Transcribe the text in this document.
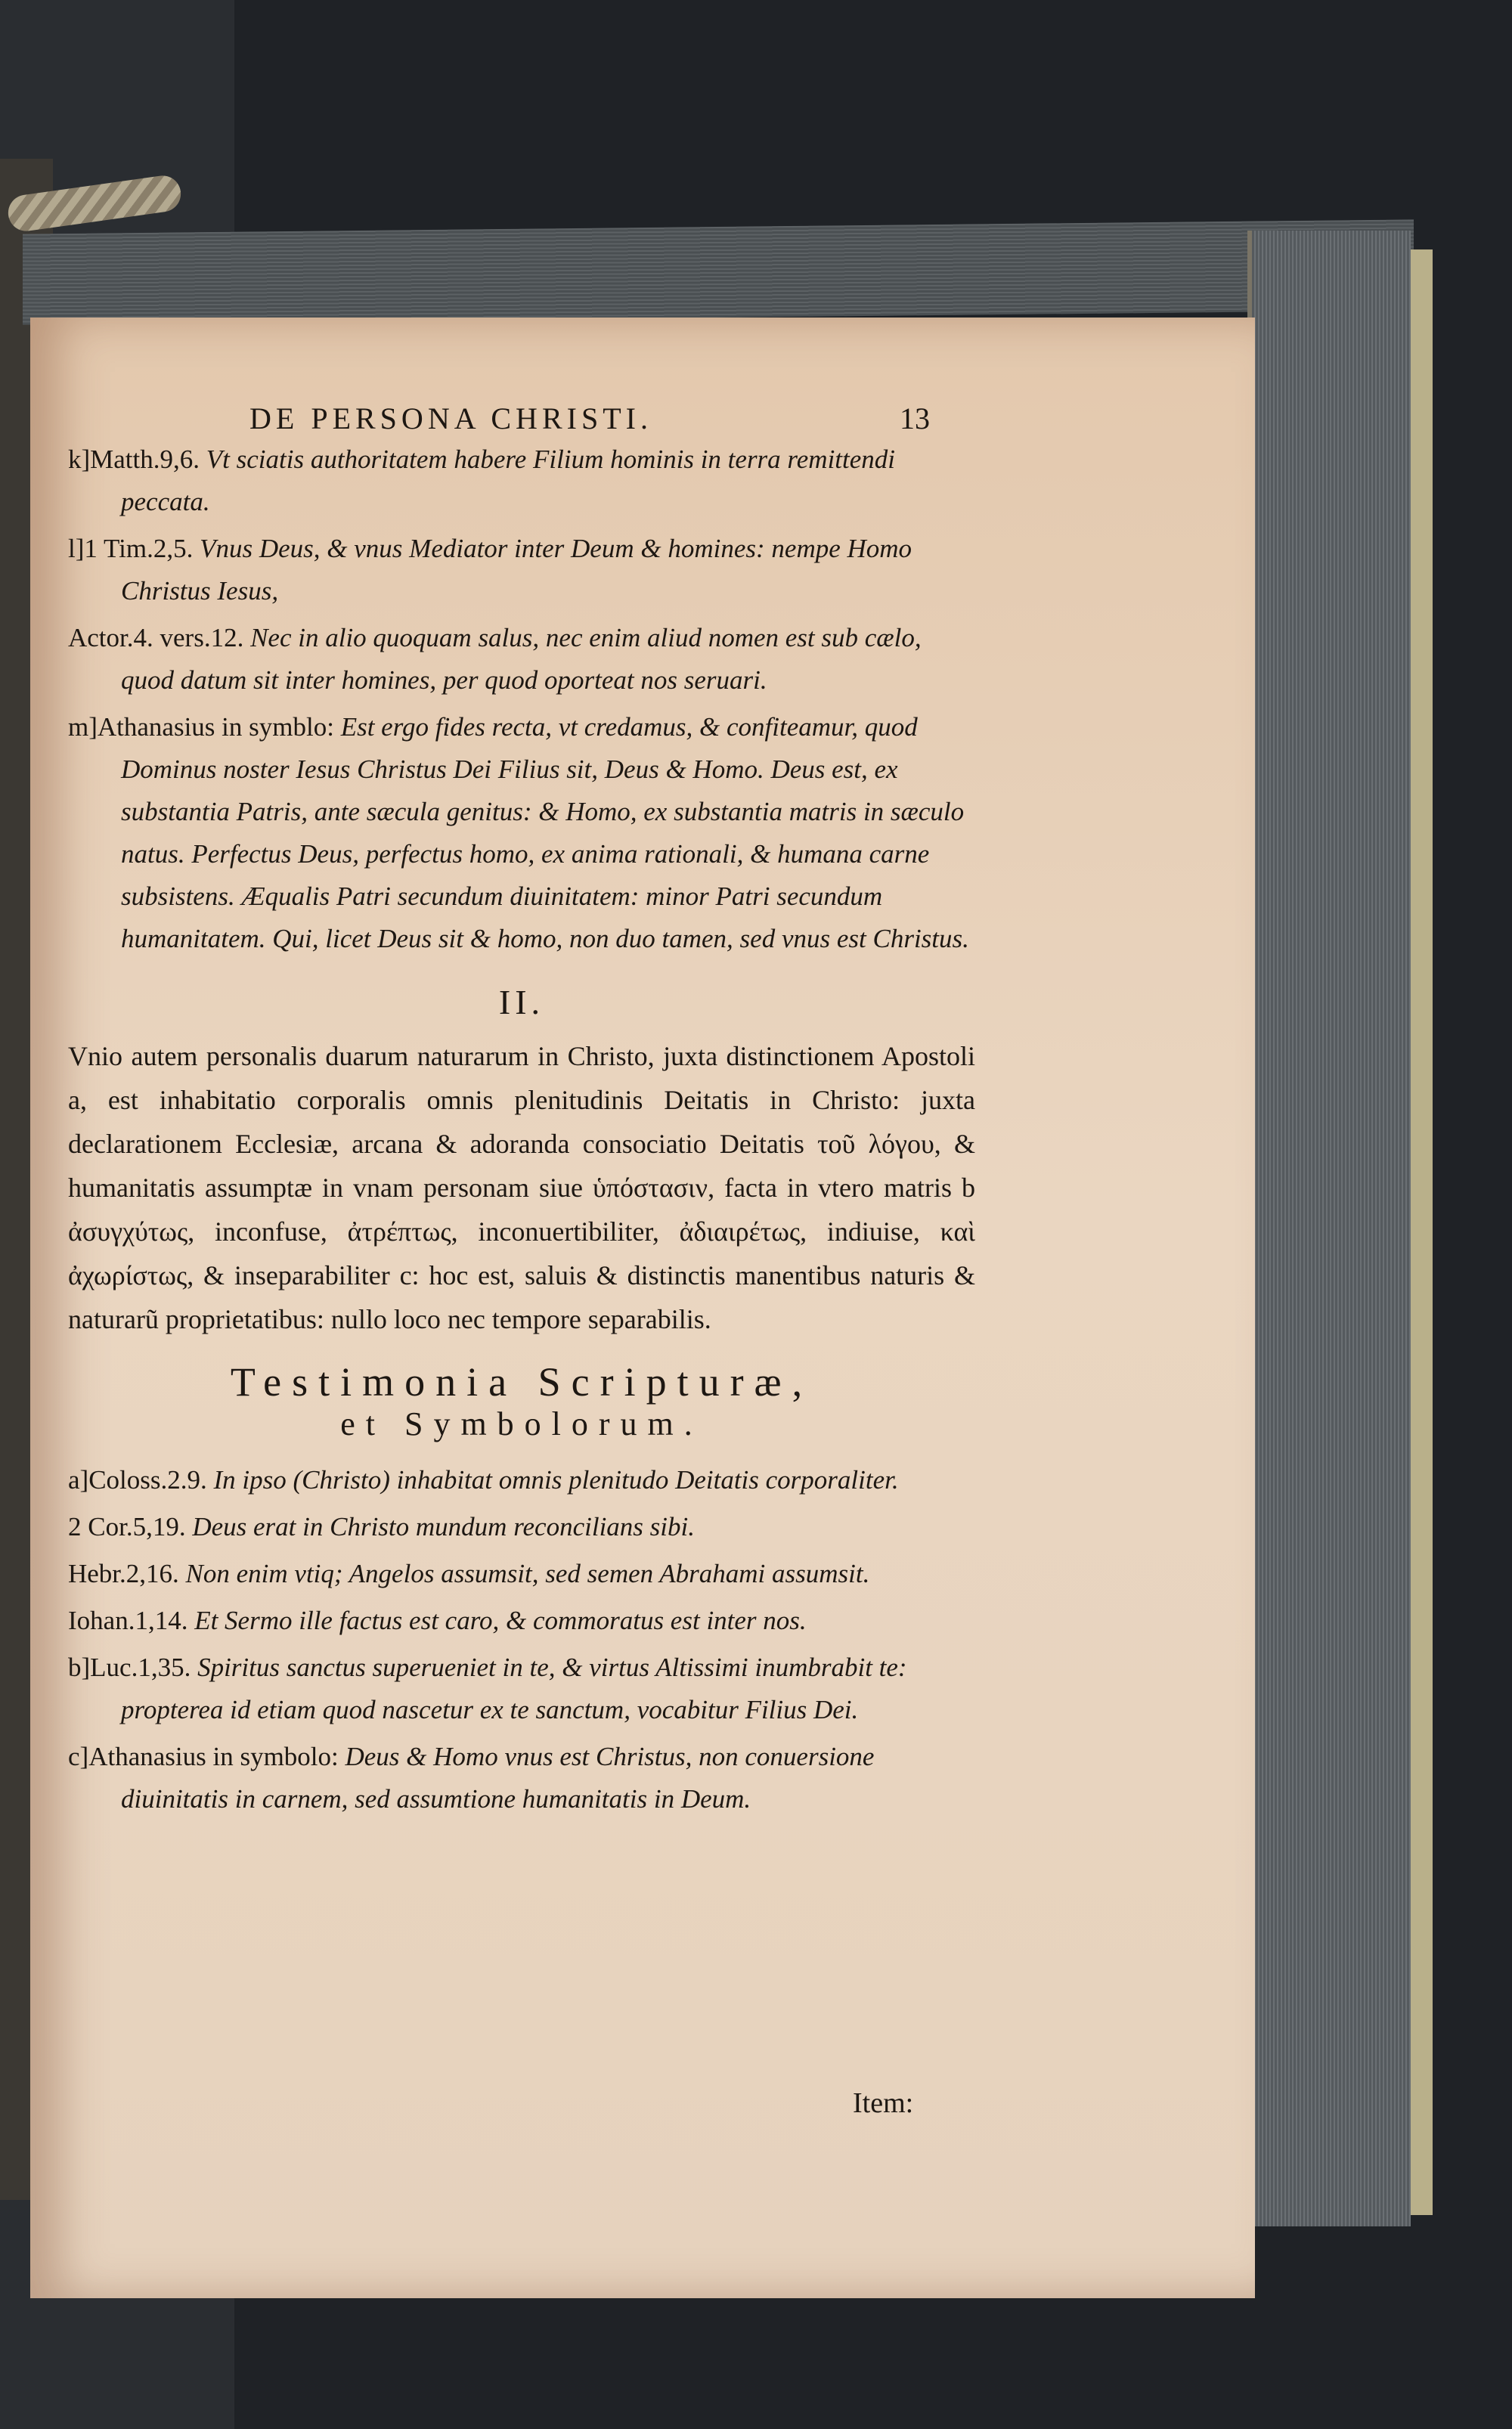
DE PERSONA CHRISTI.	13

k]Matth.9,6. Vt sciatis authoritatem habere Filium hominis in terra remittendi peccata.

l]1 Tim.2,5. Vnus Deus, & vnus Mediator inter Deum & homines: nempe Homo Christus Iesus,

Actor.4. vers.12. Nec in alio quoquam salus, nec enim aliud nomen est sub cælo, quod datum sit inter homines, per quod oporteat nos seruari.

m]Athanasius in symblo: Est ergo fides recta, vt credamus, & confiteamur, quod Dominus noster Iesus Christus Dei Filius sit, Deus & Homo. Deus est, ex substantia Patris, ante sæcula genitus: & Homo, ex substantia matris in sæculo natus. Perfectus Deus, perfectus homo, ex anima rationali, & humana carne subsistens. Æqualis Patri secundum diuinitatem: minor Patri secundum humanitatem. Qui, licet Deus sit & homo, non duo tamen, sed vnus est Christus.

II.

Vnio autem personalis duarum naturarum in Christo, juxta distinctionem Apostoli a, est inhabitatio corporalis omnis plenitudinis Deitatis in Christo: juxta declarationem Ecclesiæ, arcana & adoranda consociatio Deitatis τοῦ λόγου, & humanitatis assumptæ in vnam personam siue ὑπόστασιν, facta in vtero matris b ἀσυγχύτως, inconfuse, ἀτρέπτως, inconuertibiliter, ἀδιαιρέτως, indiuise, καὶ ἀχωρίστως, & inseparabiliter c: hoc est, saluis & distinctis manentibus naturis & naturarũ proprietatibus: nullo loco nec tempore separabilis.

Testimonia Scripturæ,
et Symbolorum.

a]Coloss.2.9. In ipso (Christo) inhabitat omnis plenitudo Deitatis corporaliter.

2 Cor.5,19. Deus erat in Christo mundum reconcilians sibi.

Hebr.2,16. Non enim vtiq; Angelos assumsit, sed semen Abrahami assumsit.

Iohan.1,14. Et Sermo ille factus est caro, & commoratus est inter nos.

b]Luc.1,35. Spiritus sanctus superueniet in te, & virtus Altissimi inumbrabit te: propterea id etiam quod nascetur ex te sanctum, vocabitur Filius Dei.

c]Athanasius in symbolo: Deus & Homo vnus est Christus, non conuersione diuinitatis in carnem, sed assumtione humanitatis in Deum.

Item:
